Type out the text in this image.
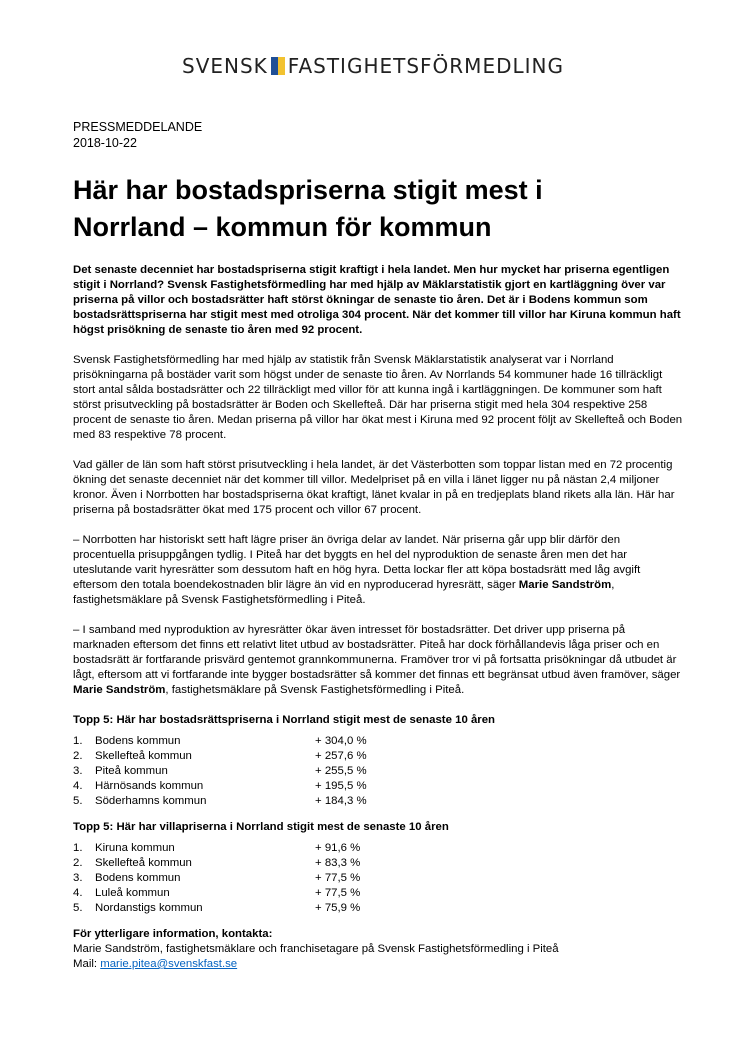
SVENSK FASTIGHETSFÖRMEDLING
PRESSMEDDELANDE
2018-10-22
Här har bostadspriserna stigit mest i Norrland – kommun för kommun

Det senaste decenniet har bostadspriserna stigit kraftigt i hela landet. Men hur mycket har priserna egentligen stigit i Norrland? Svensk Fastighetsförmedling har med hjälp av Mäklarstatistik gjort en kartläggning över var priserna på villor och bostadsrätter haft störst ökningar de senaste tio åren. Det är i Bodens kommun som bostadsrättspriserna har stigit mest med otroliga 304 procent. När det kommer till villor har Kiruna kommun haft högst prisökning de senaste tio åren med 92 procent.

Svensk Fastighetsförmedling har med hjälp av statistik från Svensk Mäklarstatistik analyserat var i Norrland prisökningarna på bostäder varit som högst under de senaste tio åren. Av Norrlands 54 kommuner hade 16 tillräckligt stort antal sålda bostadsrätter och 22 tillräckligt med villor för att kunna ingå i kartläggningen. De kommuner som haft störst prisutveckling på bostadsrätter är Boden och Skellefteå. Där har priserna stigit med hela 304 respektive 258 procent de senaste tio åren. Medan priserna på villor har ökat mest i Kiruna med 92 procent följt av Skellefteå och Boden med 83 respektive 78 procent.

Vad gäller de län som haft störst prisutveckling i hela landet, är det Västerbotten som toppar listan med en 72 procentig ökning det senaste decenniet när det kommer till villor. Medelpriset på en villa i länet ligger nu på nästan 2,4 miljoner kronor. Även i Norrbotten har bostadspriserna ökat kraftigt, länet kvalar in på en tredjeplats bland rikets alla län. Här har priserna på bostadsrätter ökat med 175 procent och villor 67 procent.

– Norrbotten har historiskt sett haft lägre priser än övriga delar av landet. När priserna går upp blir därför den procentuella prisuppgången tydlig. I Piteå har det byggts en hel del nyproduktion de senaste åren men det har uteslutande varit hyresrätter som dessutom haft en hög hyra. Detta lockar fler att köpa bostadsrätt med låg avgift eftersom den totala boendekostnaden blir lägre än vid en nyproducerad hyresrätt, säger Marie Sandström, fastighetsmäklare på Svensk Fastighetsförmedling i Piteå.

– I samband med nyproduktion av hyresrätter ökar även intresset för bostadsrätter. Det driver upp priserna på marknaden eftersom det finns ett relativt litet utbud av bostadsrätter. Piteå har dock förhållandevis låga priser och en bostadsrätt är fortfarande prisvärd gentemot grannkommunerna. Framöver tror vi på fortsatta prisökningar då utbudet är lågt, eftersom att vi fortfarande inte bygger bostadsrätter så kommer det finnas ett begränsat utbud även framöver, säger Marie Sandström, fastighetsmäklare på Svensk Fastighetsförmedling i Piteå.

Topp 5: Här har bostadsrättspriserna i Norrland stigit mest de senaste 10 åren
1.	Bodens kommun	+ 304,0 %
2.	Skellefteå kommun	+ 257,6 %
3.	Piteå kommun	+ 255,5 %
4.	Härnösands kommun	+ 195,5 %
5.	Söderhamns kommun	+ 184,3 %
Topp 5: Här har villapriserna i Norrland stigit mest de senaste 10 åren
1.	Kiruna kommun	+ 91,6 %
2.	Skellefteå kommun	+ 83,3 %
3.	Bodens kommun	+ 77,5 %
4.	Luleå kommun	+ 77,5 %
5.	Nordanstigs kommun	+ 75,9 %
För ytterligare information, kontakta:
Marie Sandström, fastighetsmäklare och franchisetagare på Svensk Fastighetsförmedling i Piteå
Mail: marie.pitea@svenskfast.se
